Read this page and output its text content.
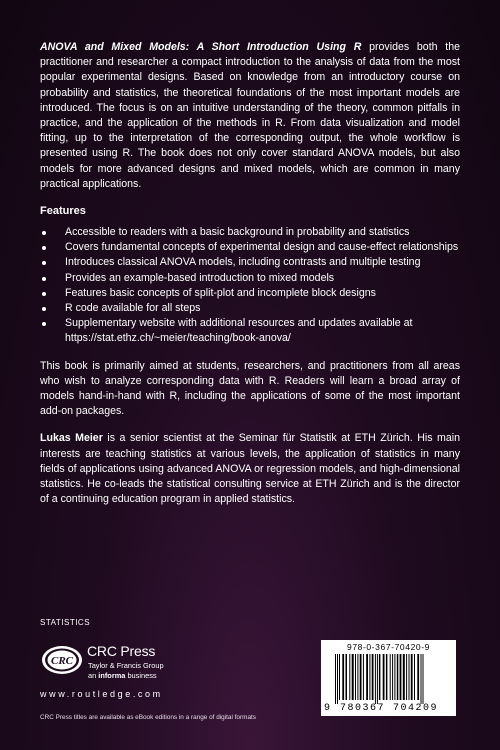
ANOVA and Mixed Models: A Short Introduction Using R provides both the practitioner and researcher a compact introduction to the analysis of data from the most popular experimental designs. Based on knowledge from an introductory course on probability and statistics, the theoretical foundations of the most important models are introduced. The focus is on an intuitive understanding of the theory, common pitfalls in practice, and the application of the methods in R. From data visualization and model fitting, up to the interpretation of the corresponding output, the whole workflow is presented using R. The book does not only cover standard ANOVA models, but also models for more advanced designs and mixed models, which are common in many practical applications.

Features
Accessible to readers with a basic background in probability and statistics
Covers fundamental concepts of experimental design and cause-effect relationships
Introduces classical ANOVA models, including contrasts and multiple testing
Provides an example-based introduction to mixed models
Features basic concepts of split-plot and incomplete block designs
R code available for all steps
Supplementary website with additional resources and updates available at https://stat.ethz.ch/~meier/teaching/book-anova/

This book is primarily aimed at students, researchers, and practitioners from all areas who wish to analyze corresponding data with R. Readers will learn a broad array of models hand-in-hand with R, including the applications of some of the most important add-on packages.

Lukas Meier is a senior scientist at the Seminar für Statistik at ETH Zürich. His main interests are teaching statistics at various levels, the application of statistics in many fields of applications using advanced ANOVA or regression models, and high-dimensional statistics. He co-leads the statistical consulting service at ETH Zürich and is the director of a continuing education program in applied statistics.

STATISTICS
CRC
CRC Press
Taylor & Francis Group
an informa business
www.routledge.com
CRC Press titles are available as eBook editions in a range of digital formats
978-0-367-70420-9
9 780367 704209
